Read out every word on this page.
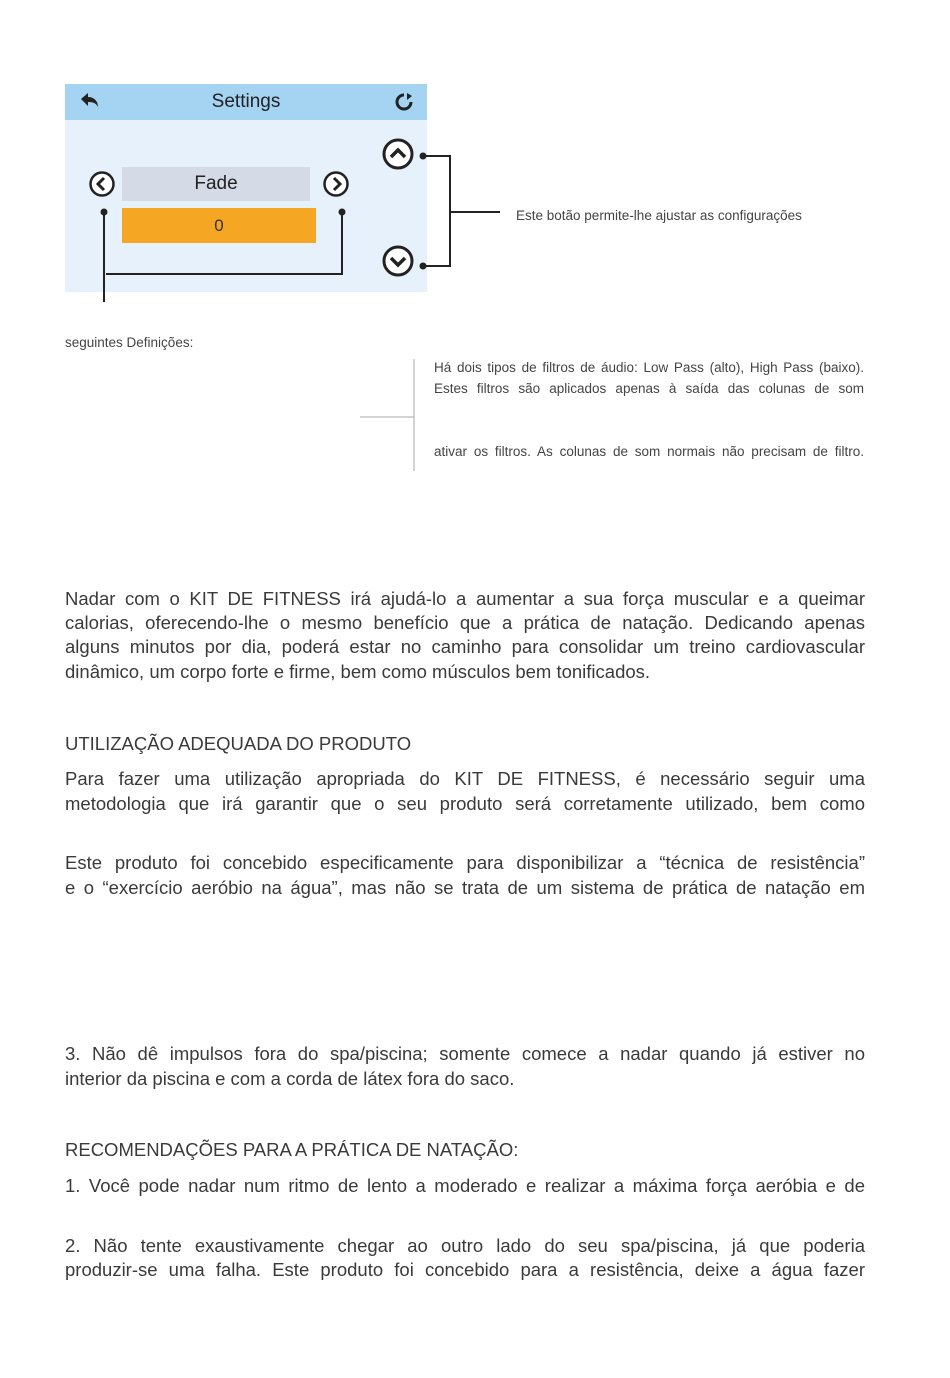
Settings
Fade
0
Este botão permite-lhe ajustar as configurações
seguintes Definições:
Há dois tipos de filtros de áudio: Low Pass (alto), High Pass (baixo).
Estes filtros são aplicados apenas à saída das colunas de som
ativar os filtros. As colunas de som normais não precisam de filtro.
Nadar com o KIT DE FITNESS irá ajudá-lo a aumentar a sua força muscular e a queimar
calorias, oferecendo-lhe o mesmo benefício que a prática de natação. Dedicando apenas
alguns minutos por dia, poderá estar no caminho para consolidar um treino cardiovascular
dinâmico, um corpo forte e firme, bem como músculos bem tonificados.
UTILIZAÇÃO ADEQUADA DO PRODUTO
Para fazer uma utilização apropriada do KIT DE FITNESS, é necessário seguir uma
metodologia que irá garantir que o seu produto será corretamente utilizado, bem como
Este produto foi concebido especificamente para disponibilizar a “técnica de resistência”
e o “exercício aeróbio na água”, mas não se trata de um sistema de prática de natação em
3. Não dê impulsos fora do spa/piscina; somente comece a nadar quando já estiver no
interior da piscina e com a corda de látex fora do saco.
RECOMENDAÇÕES PARA A PRÁTICA DE NATAÇÃO:
1. Você pode nadar num ritmo de lento a moderado e realizar a máxima força aeróbia e de
2. Não tente exaustivamente chegar ao outro lado do seu spa/piscina, já que poderia
produzir-se uma falha. Este produto foi concebido para a resistência, deixe a água fazer
